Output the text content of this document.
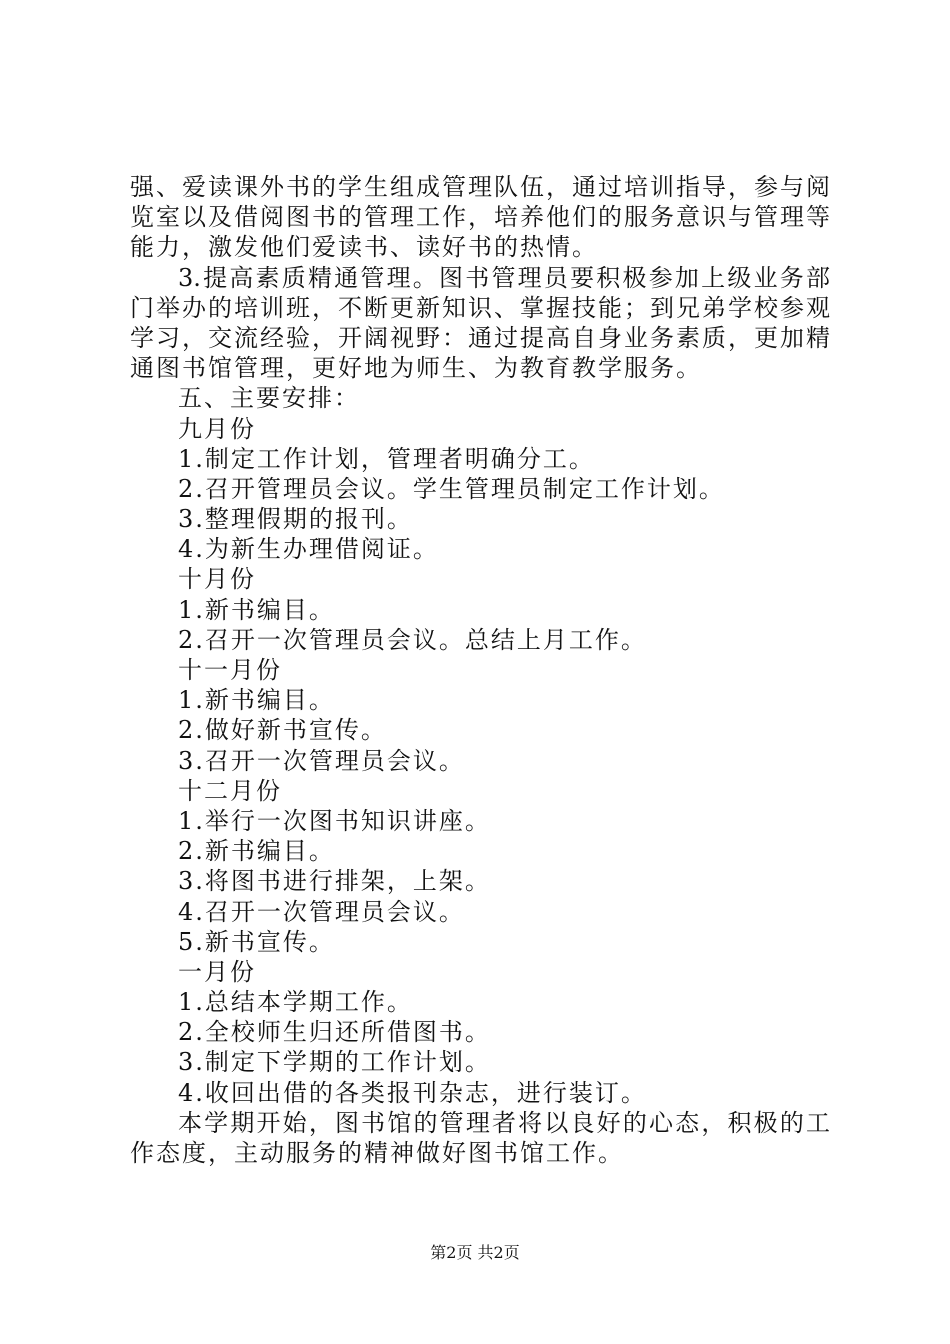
强、爱读课外书的学生组成管理队伍，通过培训指导，参与阅
览室以及借阅图书的管理工作，培养他们的服务意识与管理等
能力，激发他们爱读书、读好书的热情。
3.提高素质精通管理。图书管理员要积极参加上级业务部
门举办的培训班，不断更新知识、掌握技能；到兄弟学校参观
学习，交流经验，开阔视野：通过提高自身业务素质，更加精
通图书馆管理，更好地为师生、为教育教学服务。
五、主要安排：
九月份
1.制定工作计划，管理者明确分工。
2.召开管理员会议。学生管理员制定工作计划。
3.整理假期的报刊。
4.为新生办理借阅证。
十月份
1.新书编目。
2.召开一次管理员会议。总结上月工作。
十一月份
1.新书编目。
2.做好新书宣传。
3.召开一次管理员会议。
十二月份
1.举行一次图书知识讲座。
2.新书编目。
3.将图书进行排架，上架。
4.召开一次管理员会议。
5.新书宣传。
一月份
1.总结本学期工作。
2.全校师生归还所借图书。
3.制定下学期的工作计划。
4.收回出借的各类报刊杂志，进行装订。
本学期开始，图书馆的管理者将以良好的心态，积极的工
作态度，主动服务的精神做好图书馆工作。
第2页 共2页
